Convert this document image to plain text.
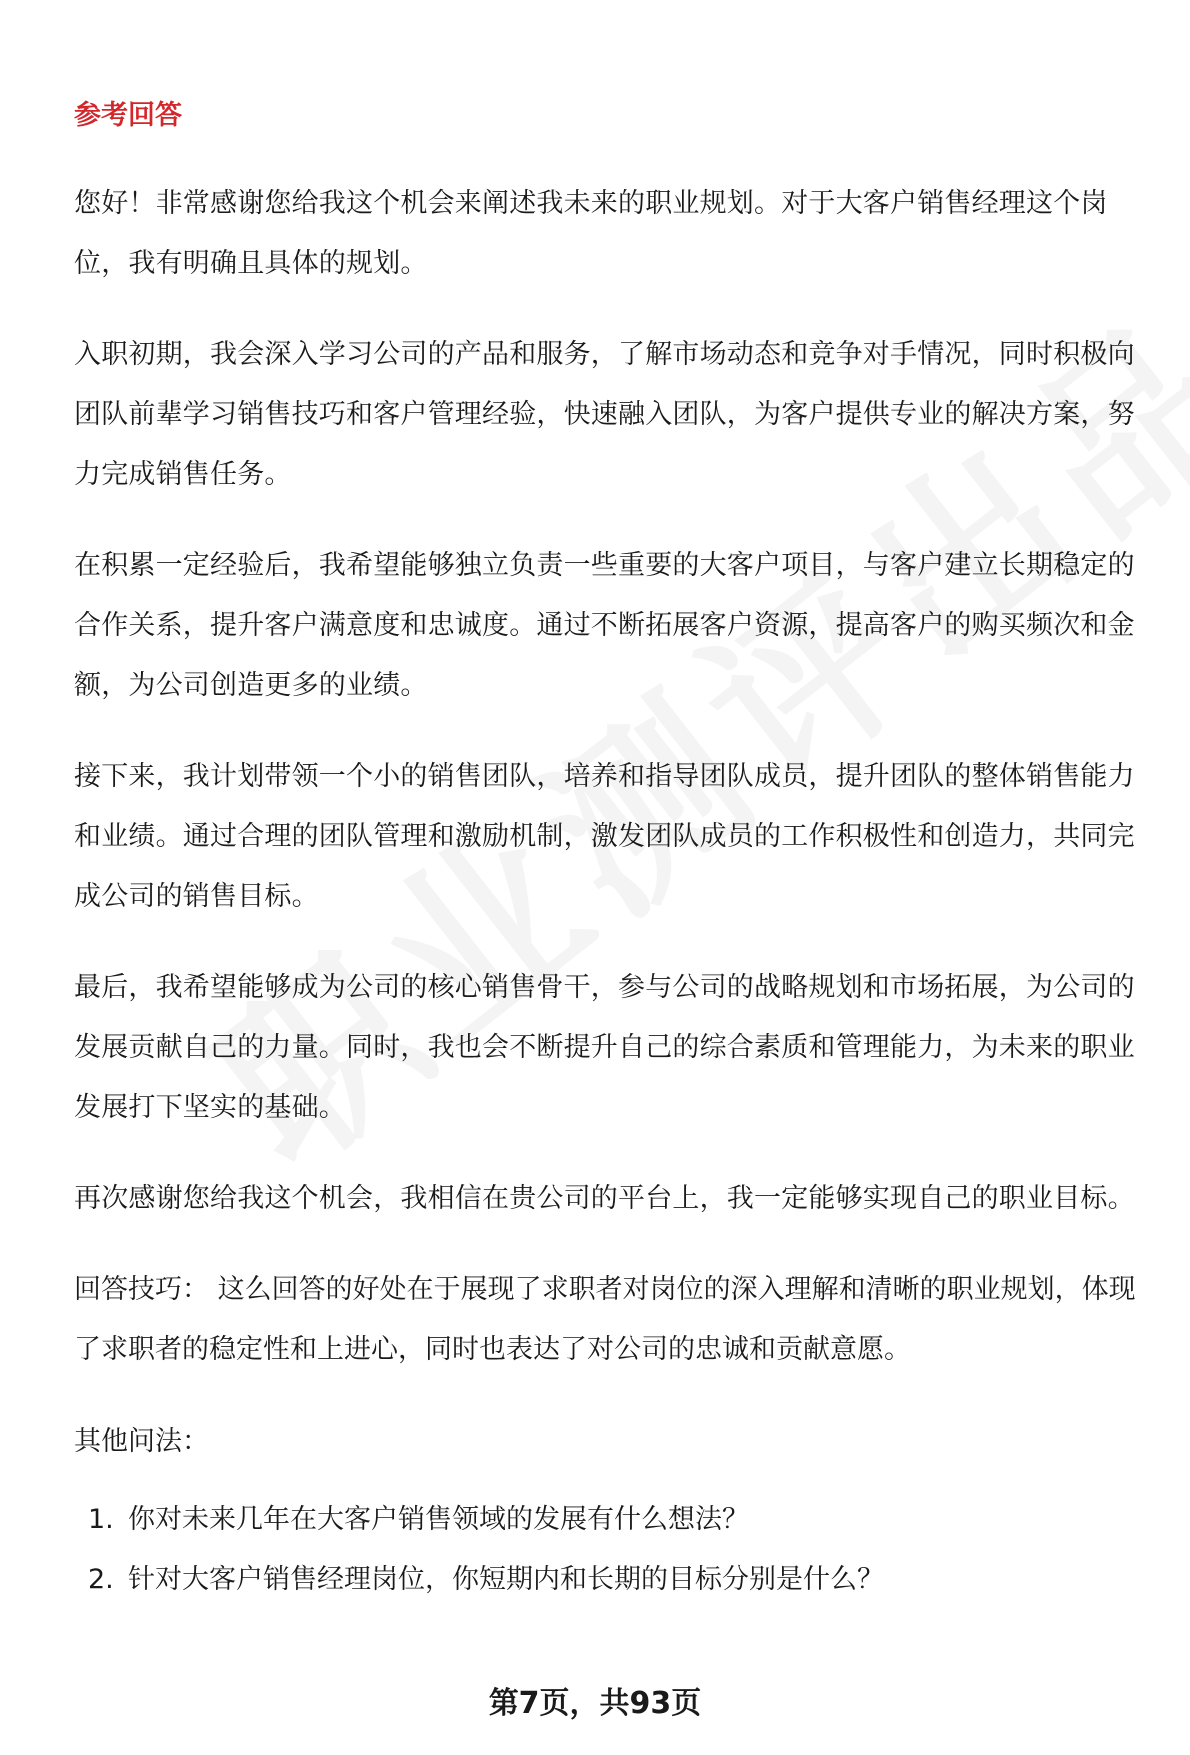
参考回答

您好！非常感谢您给我这个机会来阐述我未来的职业规划。对于大客户销售经理这个岗位，我有明确且具体的规划。

入职初期，我会深入学习公司的产品和服务，了解市场动态和竞争对手情况，同时积极向团队前辈学习销售技巧和客户管理经验，快速融入团队，为客户提供专业的解决方案，努力完成销售任务。

在积累一定经验后，我希望能够独立负责一些重要的大客户项目，与客户建立长期稳定的合作关系，提升客户满意度和忠诚度。通过不断拓展客户资源，提高客户的购买频次和金额，为公司创造更多的业绩。

接下来，我计划带领一个小的销售团队，培养和指导团队成员，提升团队的整体销售能力和业绩。通过合理的团队管理和激励机制，激发团队成员的工作积极性和创造力，共同完成公司的销售目标。

最后，我希望能够成为公司的核心销售骨干，参与公司的战略规划和市场拓展，为公司的发展贡献自己的力量。同时，我也会不断提升自己的综合素质和管理能力，为未来的职业发展打下坚实的基础。

再次感谢您给我这个机会，我相信在贵公司的平台上，我一定能够实现自己的职业目标。

回答技巧： 这么回答的好处在于展现了求职者对岗位的深入理解和清晰的职业规划，体现了求职者的稳定性和上进心，同时也表达了对公司的忠诚和贡献意愿。

其他问法：

1. 你对未来几年在大客户销售领域的发展有什么想法？
2. 针对大客户销售经理岗位，你短期内和长期的目标分别是什么？
第7页，共93页
